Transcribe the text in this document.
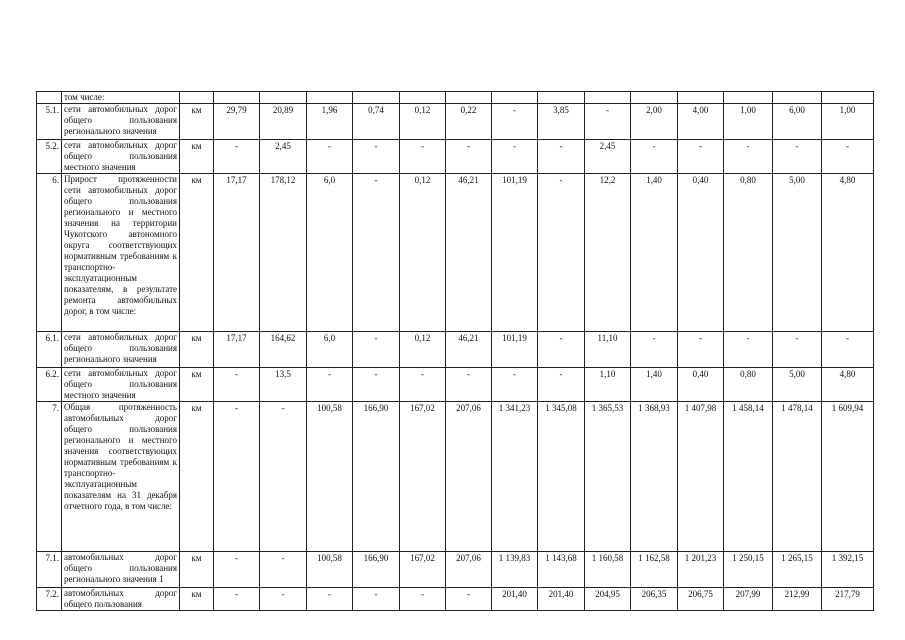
	том числе:															
5.1.	сети автомобильных дорог общего пользования регионального значения	км	29,79	20,89	1,96	0,74	0,12	0,22	-	3,85	-	2,00	4,00	1,00	6,00	1,00
5.2.	сети автомобильных дорог общего пользования местного значения	км	-	2,45	-	-	-	-	-	-	2,45	-	-	-	-	-
6.	Прирост протяженности сети автомобильных дорог общего пользования регионального и местного значения на территории Чукотского автономного округа соответствующих нормативным требованиям к транспортно-эксплуатационным показателям, в результате ремонта автомобильных дорог, в том числе:	км	17,17	178,12	6,0	-	0,12	46,21	101,19	-	12,2	1,40	0,40	0,80	5,00	4,80
6.1.	сети автомобильных дорог общего пользования регионального значения	км	17,17	164,62	6,0	-	0,12	46,21	101,19	-	11,10	-	-	-	-	-
6.2.	сети автомобильных дорог общего пользования местного значения	км	-	13,5	-	-	-	-	-	-	1,10	1,40	0,40	0,80	5,00	4,80
7.	Общая протяженность автомобильных дорог общего пользования регионального и местного значения соответствующих нормативным требованиям к транспортно-эксплуатационным показателям на 31 декабря отчетного года, в том числе:	км	-	-	100,58	166,90	167,02	207,06	1 341,23	1 345,08	1 365,53	1 368,93	1 407,98	1 458,14	1 478,14	1 609,94
7.1.	автомобильных дорог общего пользования регионального значения 1	км	-	-	100,58	166,90	167,02	207,06	1 139,83	1 143,68	1 160,58	1 162,58	1 201,23	1 250,15	1 265,15	1 392,15
7.2.	автомобильных дорог общего пользования	км	-	-	-	-	-	-	201,40	201,40	204,95	206,35	206,75	207,99	212,99	217,79
